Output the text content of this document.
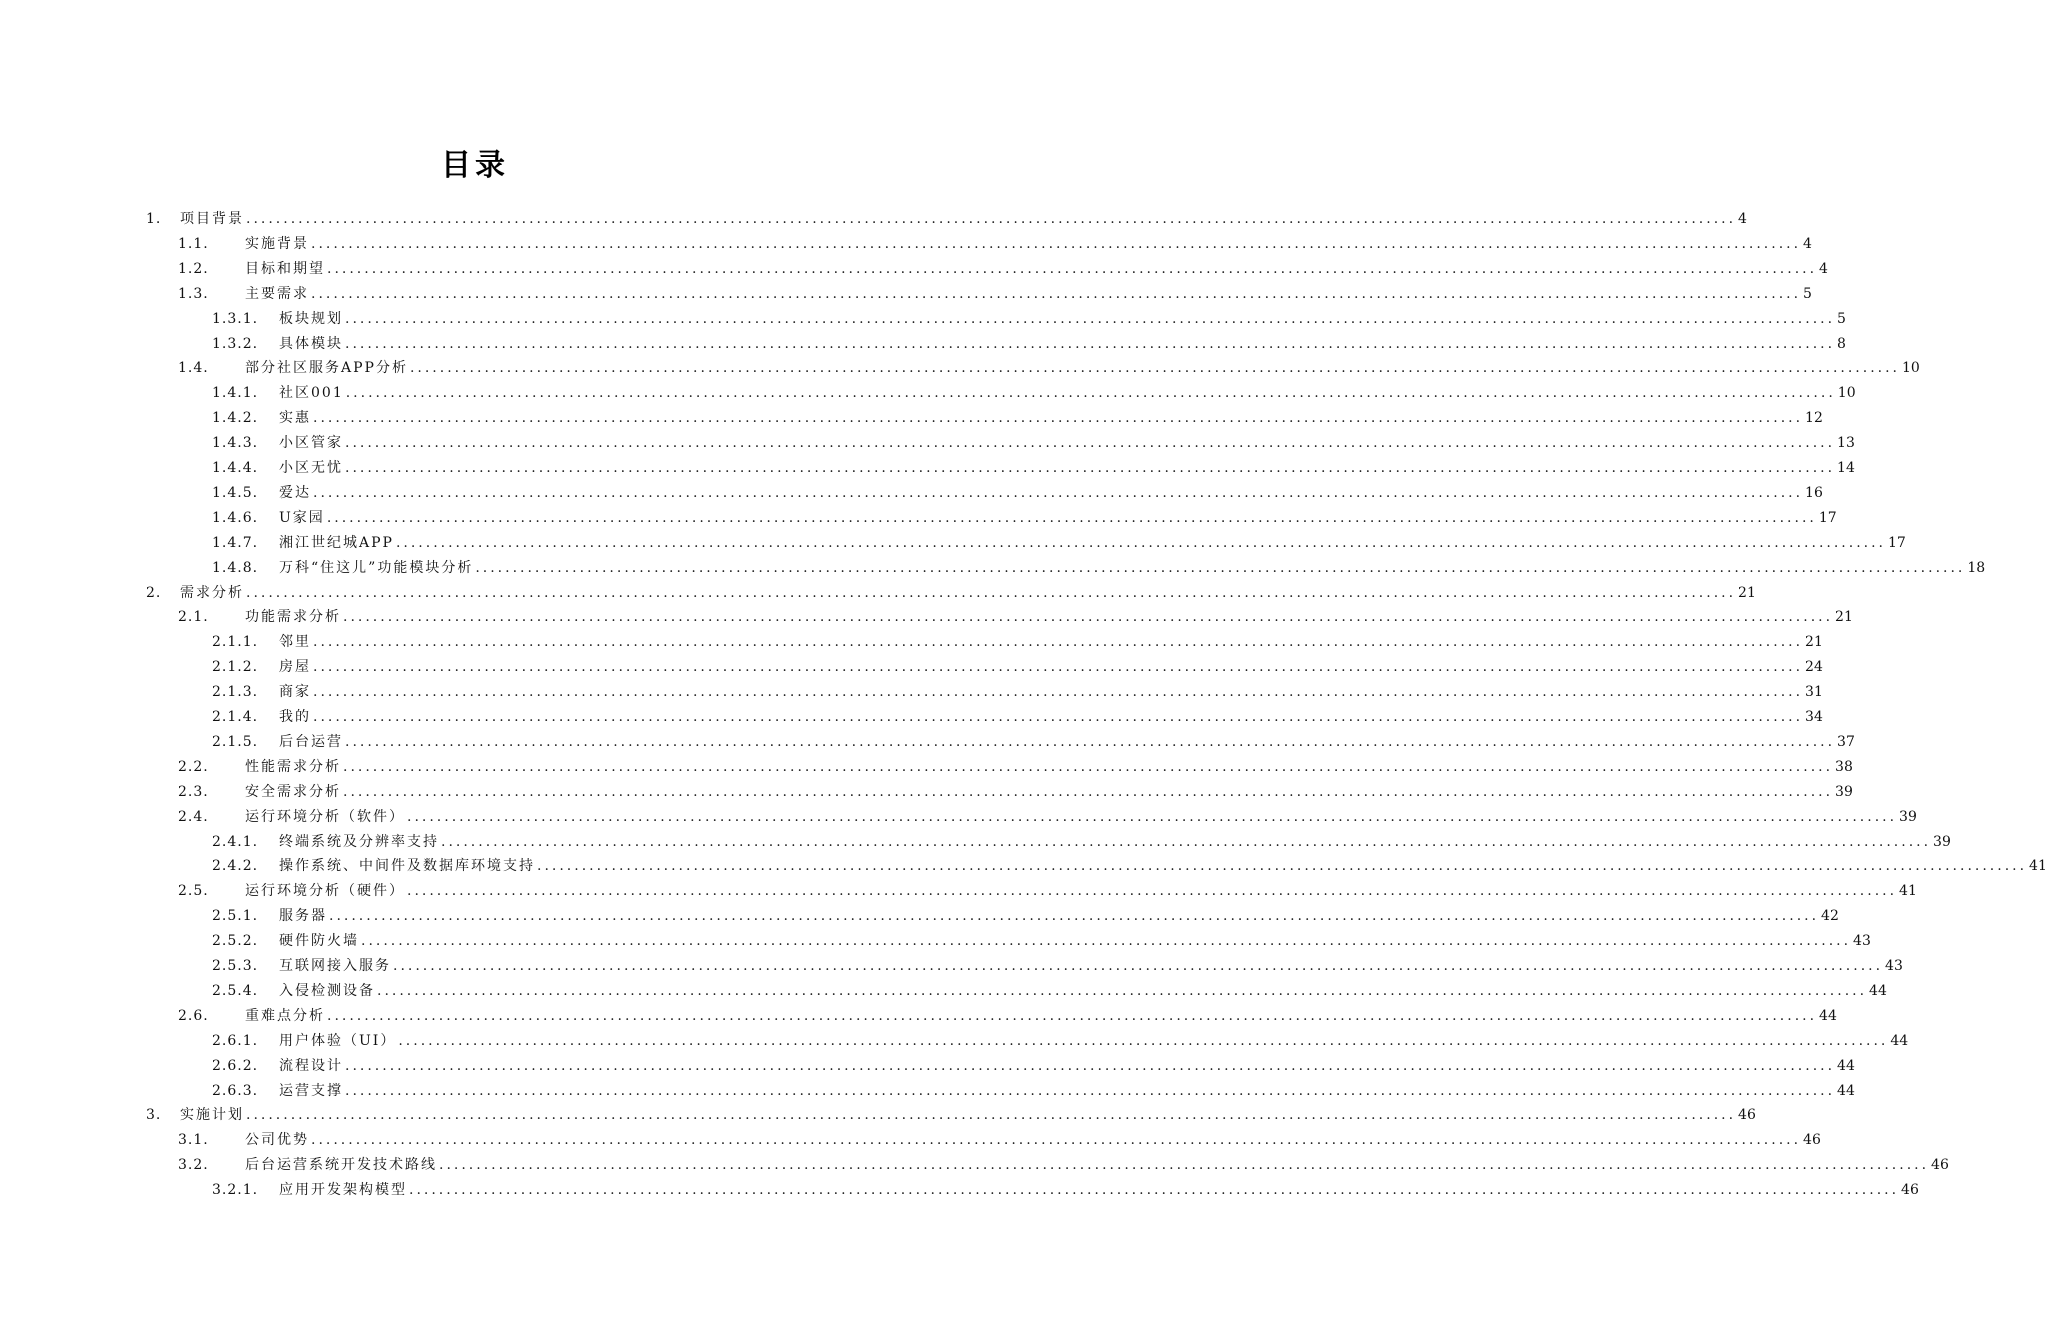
目录
1. 项目背景 ........................................................................................................................................................................................................ 4
1.1.	实施背景 ........................................................................................................................................................................................................ 4
1.2.	目标和期望 ........................................................................................................................................................................................................ 4
1.3.	主要需求 ........................................................................................................................................................................................................ 5
1.3.1. 板块规划 ........................................................................................................................................................................................................ 5
1.3.2. 具体模块 ........................................................................................................................................................................................................ 8
1.4.	部分社区服务APP分析 ........................................................................................................................................................................................................ 10
1.4.1. 社区001 ........................................................................................................................................................................................................ 10
1.4.2. 实惠 ........................................................................................................................................................................................................ 12
1.4.3. 小区管家 ........................................................................................................................................................................................................ 13
1.4.4. 小区无忧 ........................................................................................................................................................................................................ 14
1.4.5. 爱达 ........................................................................................................................................................................................................ 16
1.4.6. U家园 ........................................................................................................................................................................................................ 17
1.4.7. 湘江世纪城APP ........................................................................................................................................................................................................ 17
1.4.8. 万科“住这儿”功能模块分析 ........................................................................................................................................................................................................ 18
2. 需求分析 ........................................................................................................................................................................................................ 21
2.1.	功能需求分析 ........................................................................................................................................................................................................ 21
2.1.1. 邻里 ........................................................................................................................................................................................................ 21
2.1.2. 房屋 ........................................................................................................................................................................................................ 24
2.1.3. 商家 ........................................................................................................................................................................................................ 31
2.1.4. 我的 ........................................................................................................................................................................................................ 34
2.1.5. 后台运营 ........................................................................................................................................................................................................ 37
2.2.	性能需求分析 ........................................................................................................................................................................................................ 38
2.3.	安全需求分析 ........................................................................................................................................................................................................ 39
2.4.	运行环境分析（软件） ........................................................................................................................................................................................................ 39
2.4.1. 终端系统及分辨率支持 ........................................................................................................................................................................................................ 39
2.4.2. 操作系统、中间件及数据库环境支持 ........................................................................................................................................................................................................ 41
2.5.	运行环境分析（硬件） ........................................................................................................................................................................................................ 41
2.5.1. 服务器 ........................................................................................................................................................................................................ 42
2.5.2. 硬件防火墙 ........................................................................................................................................................................................................ 43
2.5.3. 互联网接入服务 ........................................................................................................................................................................................................ 43
2.5.4. 入侵检测设备 ........................................................................................................................................................................................................ 44
2.6.	重难点分析 ........................................................................................................................................................................................................ 44
2.6.1. 用户体验（UI） ........................................................................................................................................................................................................ 44
2.6.2. 流程设计 ........................................................................................................................................................................................................ 44
2.6.3. 运营支撑 ........................................................................................................................................................................................................ 44
3. 实施计划 ........................................................................................................................................................................................................ 46
3.1.	公司优势 ........................................................................................................................................................................................................ 46
3.2.	后台运营系统开发技术路线 ........................................................................................................................................................................................................ 46
3.2.1. 应用开发架构模型 ........................................................................................................................................................................................................ 46
